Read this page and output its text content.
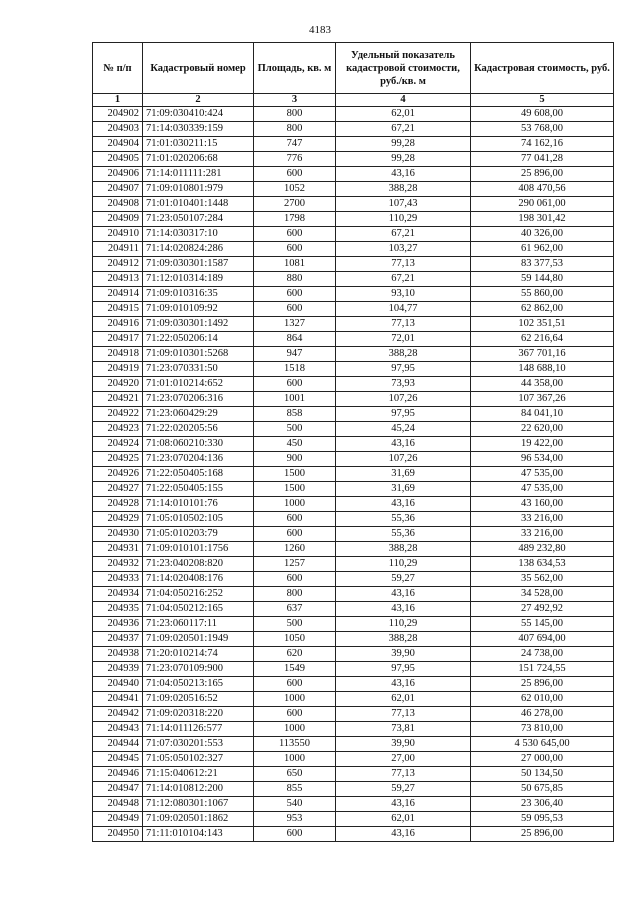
4183
№ п/п	Кадастровый номер	Площадь, кв. м	Удельный показатель кадастровой стоимости, руб./кв. м	Кадастровая стоимость, руб.
1	2	3	4	5
204902	71:09:030410:424	800	62,01	49 608,00
204903	71:14:030339:159	800	67,21	53 768,00
204904	71:01:030211:15	747	99,28	74 162,16
204905	71:01:020206:68	776	99,28	77 041,28
204906	71:14:011111:281	600	43,16	25 896,00
204907	71:09:010801:979	1052	388,28	408 470,56
204908	71:01:010401:1448	2700	107,43	290 061,00
204909	71:23:050107:284	1798	110,29	198 301,42
204910	71:14:030317:10	600	67,21	40 326,00
204911	71:14:020824:286	600	103,27	61 962,00
204912	71:09:030301:1587	1081	77,13	83 377,53
204913	71:12:010314:189	880	67,21	59 144,80
204914	71:09:010316:35	600	93,10	55 860,00
204915	71:09:010109:92	600	104,77	62 862,00
204916	71:09:030301:1492	1327	77,13	102 351,51
204917	71:22:050206:14	864	72,01	62 216,64
204918	71:09:010301:5268	947	388,28	367 701,16
204919	71:23:070331:50	1518	97,95	148 688,10
204920	71:01:010214:652	600	73,93	44 358,00
204921	71:23:070206:316	1001	107,26	107 367,26
204922	71:23:060429:29	858	97,95	84 041,10
204923	71:22:020205:56	500	45,24	22 620,00
204924	71:08:060210:330	450	43,16	19 422,00
204925	71:23:070204:136	900	107,26	96 534,00
204926	71:22:050405:168	1500	31,69	47 535,00
204927	71:22:050405:155	1500	31,69	47 535,00
204928	71:14:010101:76	1000	43,16	43 160,00
204929	71:05:010502:105	600	55,36	33 216,00
204930	71:05:010203:79	600	55,36	33 216,00
204931	71:09:010101:1756	1260	388,28	489 232,80
204932	71:23:040208:820	1257	110,29	138 634,53
204933	71:14:020408:176	600	59,27	35 562,00
204934	71:04:050216:252	800	43,16	34 528,00
204935	71:04:050212:165	637	43,16	27 492,92
204936	71:23:060117:11	500	110,29	55 145,00
204937	71:09:020501:1949	1050	388,28	407 694,00
204938	71:20:010214:74	620	39,90	24 738,00
204939	71:23:070109:900	1549	97,95	151 724,55
204940	71:04:050213:165	600	43,16	25 896,00
204941	71:09:020516:52	1000	62,01	62 010,00
204942	71:09:020318:220	600	77,13	46 278,00
204943	71:14:011126:577	1000	73,81	73 810,00
204944	71:07:030201:553	113550	39,90	4 530 645,00
204945	71:05:050102:327	1000	27,00	27 000,00
204946	71:15:040612:21	650	77,13	50 134,50
204947	71:14:010812:200	855	59,27	50 675,85
204948	71:12:080301:1067	540	43,16	23 306,40
204949	71:09:020501:1862	953	62,01	59 095,53
204950	71:11:010104:143	600	43,16	25 896,00
